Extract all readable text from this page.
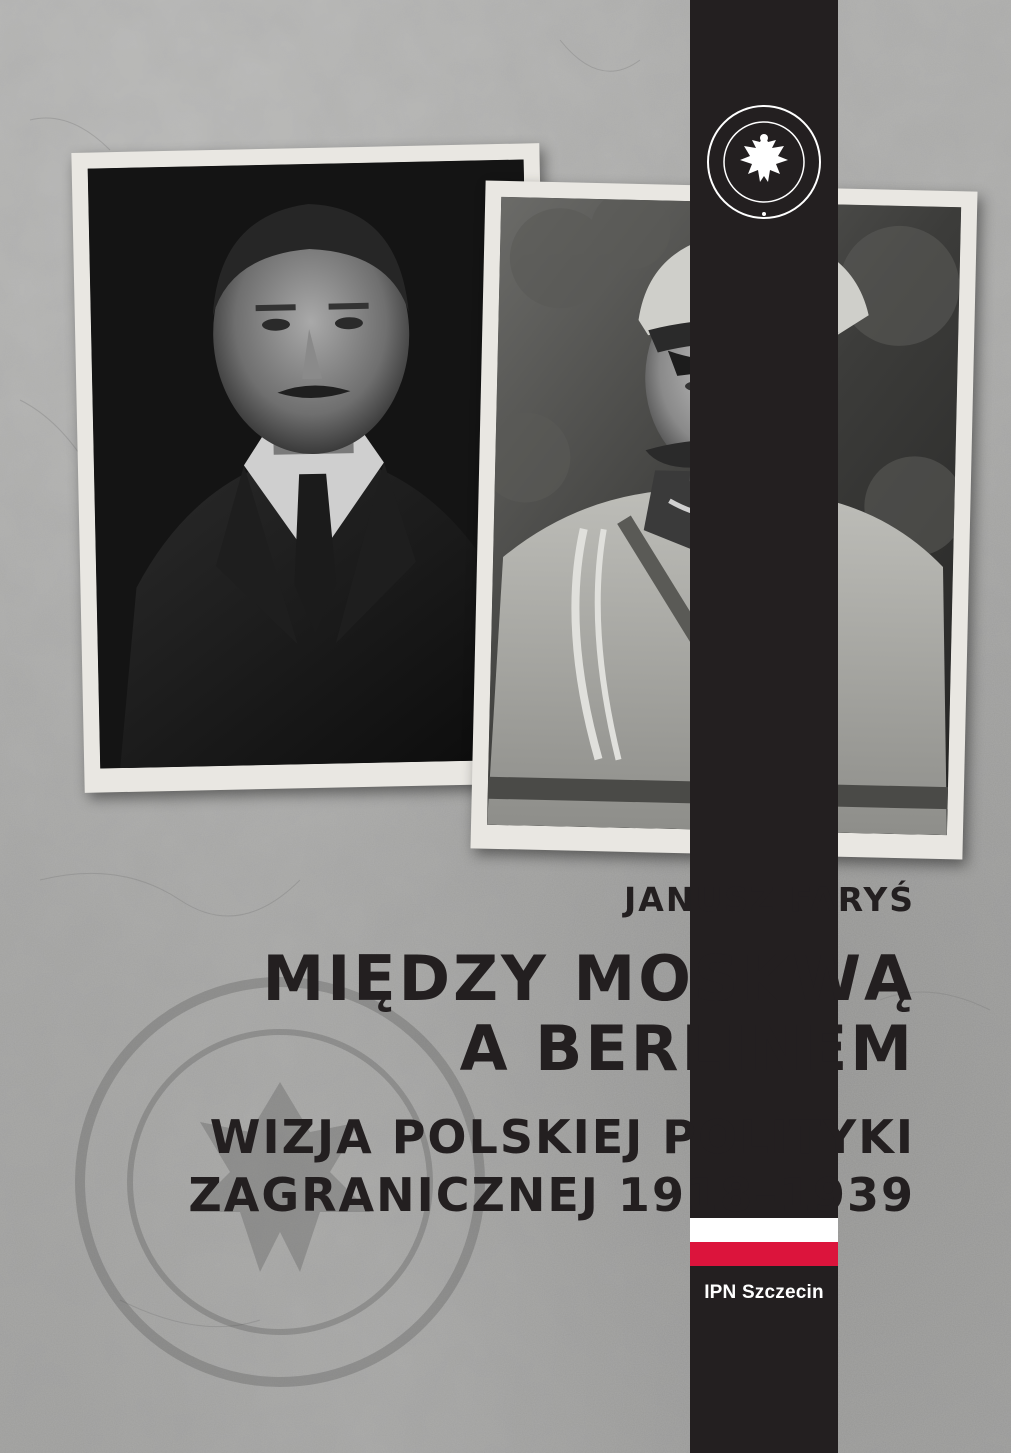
IPN Szczecin
JANUSZ FARYŚ
MIĘDZY MOSKWĄ
A BERLINEM
WIZJA POLSKIEJ POLITYKI
ZAGRANICZNEJ 1918–1939
